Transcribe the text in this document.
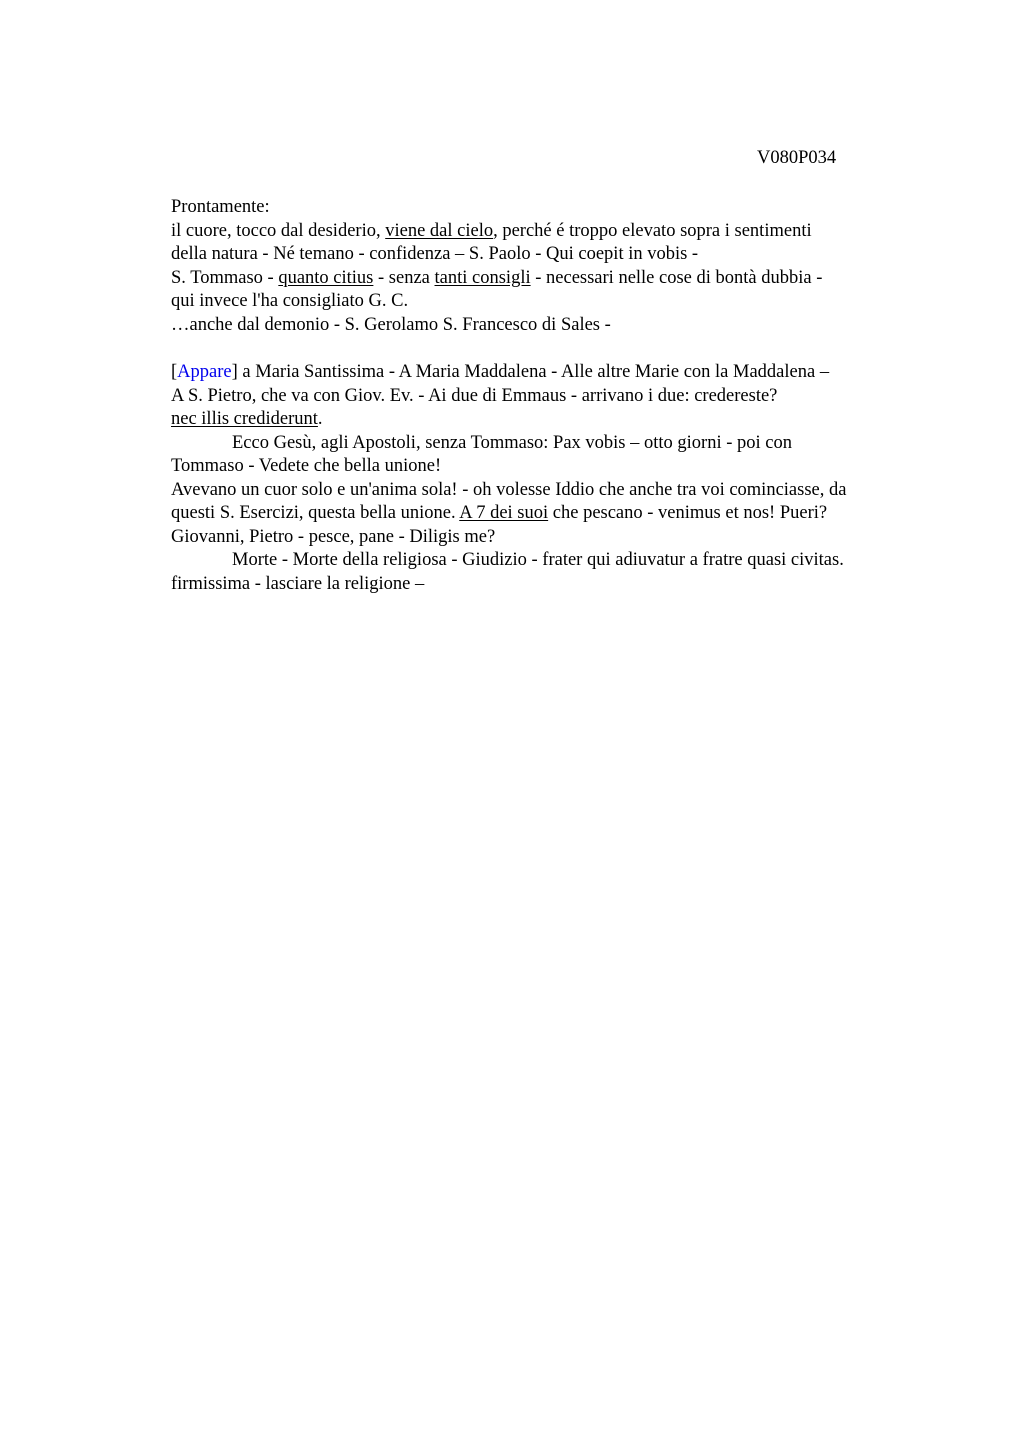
V080P034
Prontamente:
il cuore, tocco dal desiderio, viene dal cielo, perché é troppo elevato sopra i sentimenti
della natura - Né temano - confidenza – S. Paolo - Qui coepit in vobis -
S. Tommaso - quanto citius - senza tanti consigli - necessari nelle cose di bontà dubbia -
qui invece l'ha consigliato G. C.
…anche dal demonio - S. Gerolamo S. Francesco di Sales -
[Appare] a Maria Santissima - A Maria Maddalena - Alle altre Marie con la Maddalena –
A S. Pietro, che va con Giov. Ev. - Ai due di Emmaus - arrivano i due: credereste?
nec illis crediderunt.
Ecco Gesù, agli Apostoli, senza Tommaso: Pax vobis – otto giorni - poi con
Tommaso - Vedete che bella unione!
Avevano un cuor solo e un'anima sola! - oh volesse Iddio che anche tra voi cominciasse, da
questi S. Esercizi, questa bella unione. A 7 dei suoi che pescano - venimus et nos! Pueri?
Giovanni, Pietro - pesce, pane - Diligis me?
Morte - Morte della religiosa - Giudizio - frater qui adiuvatur a fratre quasi civitas.
firmissima - lasciare la religione –
